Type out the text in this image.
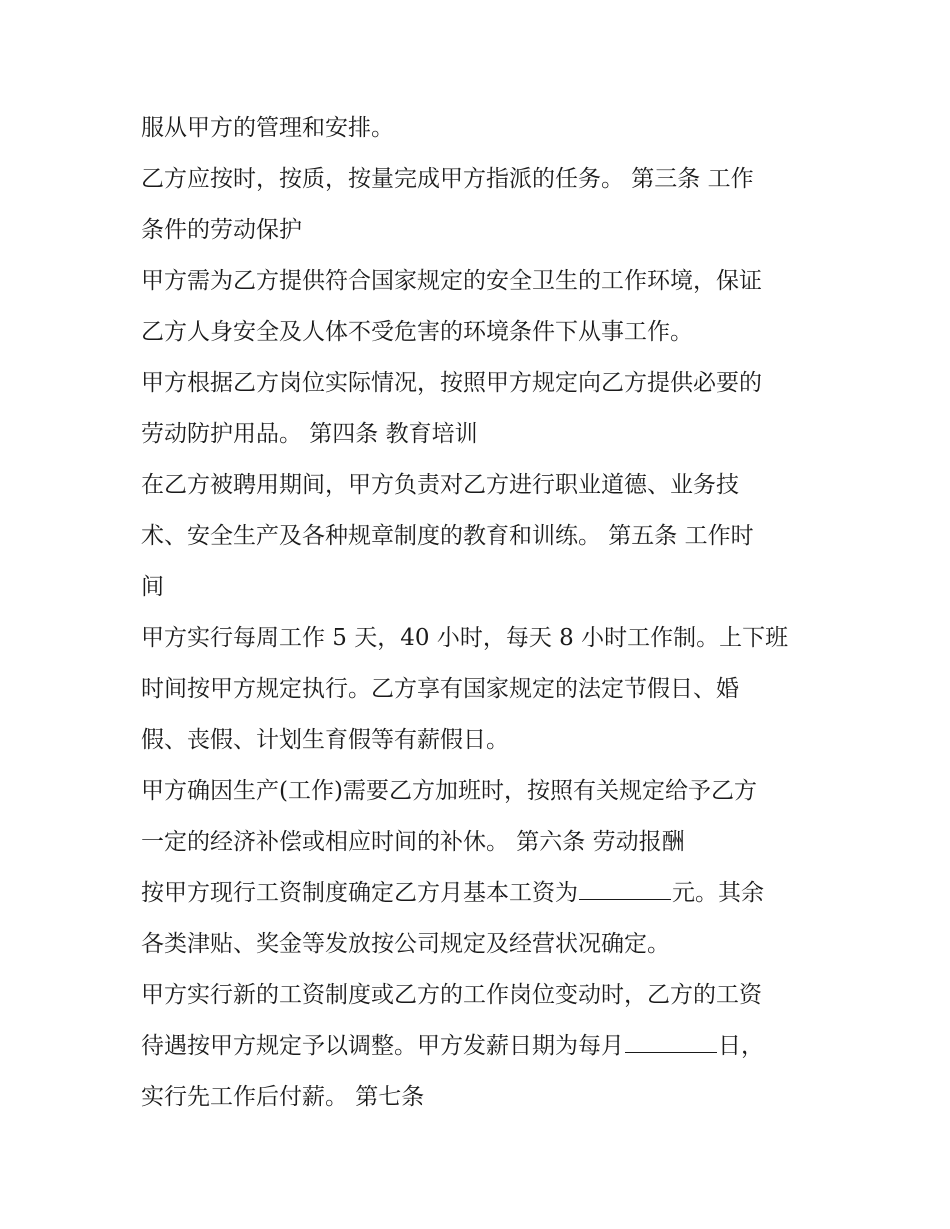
服从甲方的管理和安排。

乙方应按时，按质，按量完成甲方指派的任务。 第三条 工作
条件的劳动保护

甲方需为乙方提供符合国家规定的安全卫生的工作环境，保证
乙方人身安全及人体不受危害的环境条件下从事工作。

甲方根据乙方岗位实际情况，按照甲方规定向乙方提供必要的
劳动防护用品。 第四条 教育培训

在乙方被聘用期间，甲方负责对乙方进行职业道德、业务技
术、安全生产及各种规章制度的教育和训练。 第五条 工作时
间

甲方实行每周工作 5 天，40 小时，每天 8 小时工作制。上下班
时间按甲方规定执行。乙方享有国家规定的法定节假日、婚
假、丧假、计划生育假等有薪假日。

甲方确因生产(工作)需要乙方加班时，按照有关规定给予乙方
一定的经济补偿或相应时间的补休。 第六条 劳动报酬

按甲方现行工资制度确定乙方月基本工资为	元。其余
各类津贴、奖金等发放按公司规定及经营状况确定。

甲方实行新的工资制度或乙方的工作岗位变动时，乙方的工资
待遇按甲方规定予以调整。甲方发薪日期为每月	日，
实行先工作后付薪。 第七条
